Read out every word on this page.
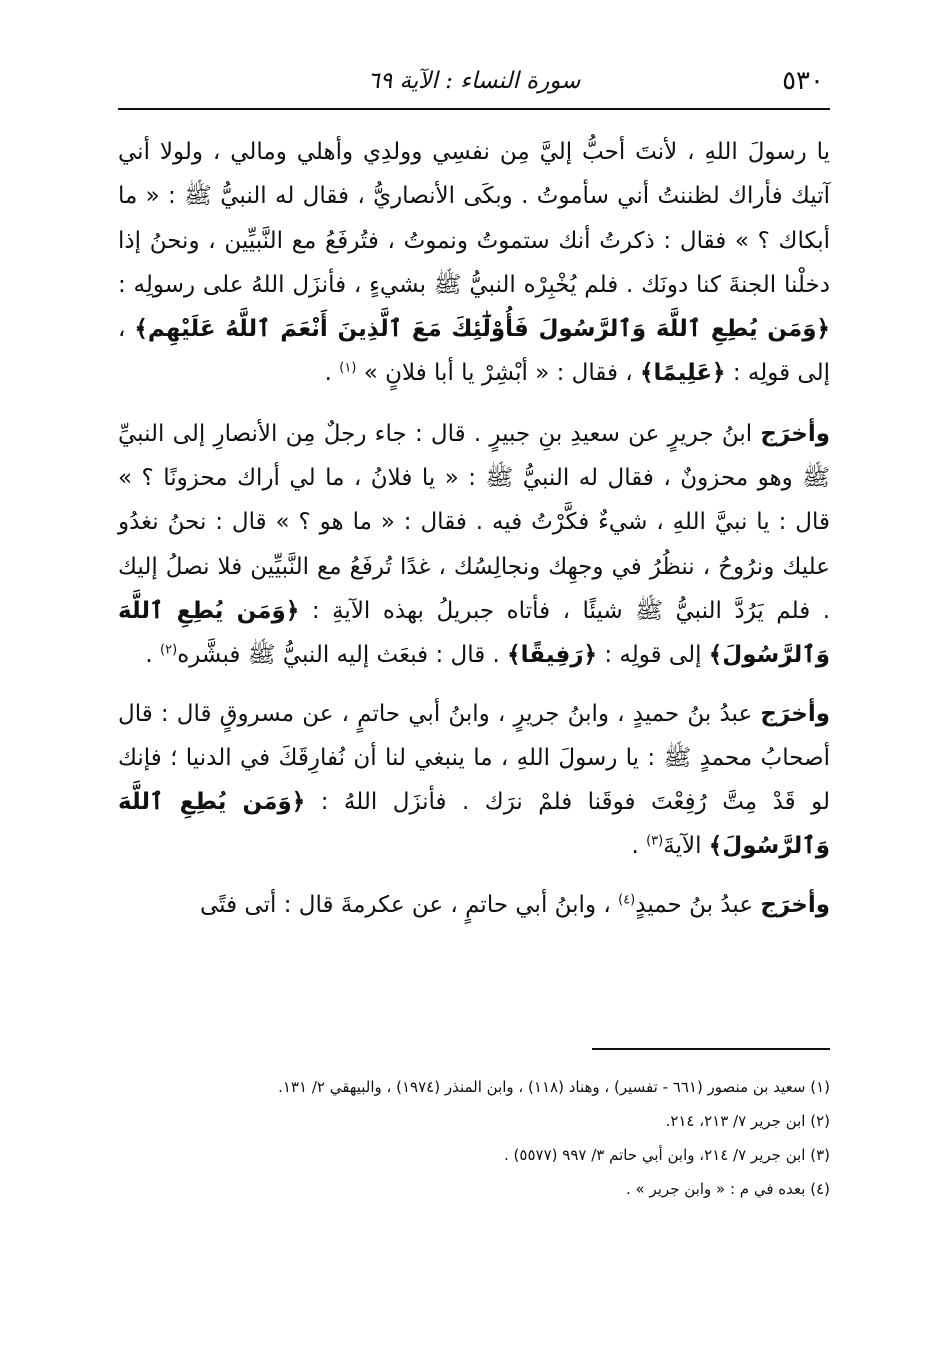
٥٣٠
سورة النساء : الآية ٦٩

يا رسولَ اللهِ ، لأنتَ أحبُّ إليَّ مِن نفسِي وولدِي وأهلي ومالي ، ولولا أني آتيك فأراك لظننتُ أني سأموتُ . وبكَى الأنصاريُّ ، فقال له النبيُّ ﷺ : « ما أبكاك ؟ » فقال : ذكرتُ أنك ستموتُ ونموتُ ، فتُرفَعُ مع النَّبيِّين ، ونحنُ إذا دخلْنا الجنةَ كنا دونَك . فلم يُخْبِرْه النبيُّ ﷺ بشيءٍ ، فأنزَل اللهُ على رسولِه : ﴿وَمَن يُطِعِ ٱللَّهَ وَٱلرَّسُولَ فَأُوْلَٰٓئِكَ مَعَ ٱلَّذِينَ أَنْعَمَ ٱللَّهُ عَلَيْهِم﴾ ، إلى قولِه : ﴿عَلِيمًا﴾ ، فقال : « أبْشِرْ يا أبا فلانٍ » $^{(١)}$ .

وأخرَج ابنُ جريرٍ عن سعيدِ بنِ جبيرٍ . قال : جاء رجلٌ مِن الأنصارِ إلى النبيِّ ﷺ وهو محزونٌ ، فقال له النبيُّ ﷺ : « يا فلانُ ، ما لي أراك محزونًا ؟ » قال : يا نبيَّ اللهِ ، شيءٌ فكَّرْتُ فيه . فقال : « ما هو ؟ » قال : نحنُ نغدُو عليك ونرُوحُ ، ننظُرُ في وجهِك ونجالِسُك ، غدًا تُرفَعُ مع النَّبيِّين فلا نصلُ إليك . فلم يَرُدَّ النبيُّ ﷺ شيئًا ، فأتاه جبريلُ بهذه الآيةِ : ﴿وَمَن يُطِعِ ٱللَّهَ وَٱلرَّسُولَ﴾ إلى قولِه : ﴿رَفِيقًا﴾ . قال : فبعَث إليه النبيُّ ﷺ فبشَّره$^{(٢)}$ .

وأخرَج عبدُ بنُ حميدٍ ، وابنُ جريرٍ ، وابنُ أبي حاتمٍ ، عن مسروقٍ قال : قال أصحابُ محمدٍ ﷺ : يا رسولَ اللهِ ، ما ينبغي لنا أن نُفارِقَكَ في الدنيا ؛ فإنك لو قَدْ مِتَّ رُفِعْتَ فوقَنا فلمْ نرَك . فأنزَل اللهُ : ﴿وَمَن يُطِعِ ٱللَّهَ وَٱلرَّسُولَ﴾ الآيةَ$^{(٣)}$ .

وأخرَج عبدُ بنُ حميدٍ$^{(٤)}$ ، وابنُ أبي حاتمٍ ، عن عكرمةَ قال : أتى فتًى

(١) سعيد بن منصور (٦٦١ - تفسير) ، وهناد (١١٨) ، وابن المنذر (١٩٧٤) ، والبيهقي ٢/ ١٣١.

(٢) ابن جرير ٧/ ٢١٣، ٢١٤.

(٣) ابن جرير ٧/ ٢١٤، وابن أبي حاتم ٣/ ٩٩٧ (٥٥٧٧) .

(٤) بعده في م : « وابن جرير » .
